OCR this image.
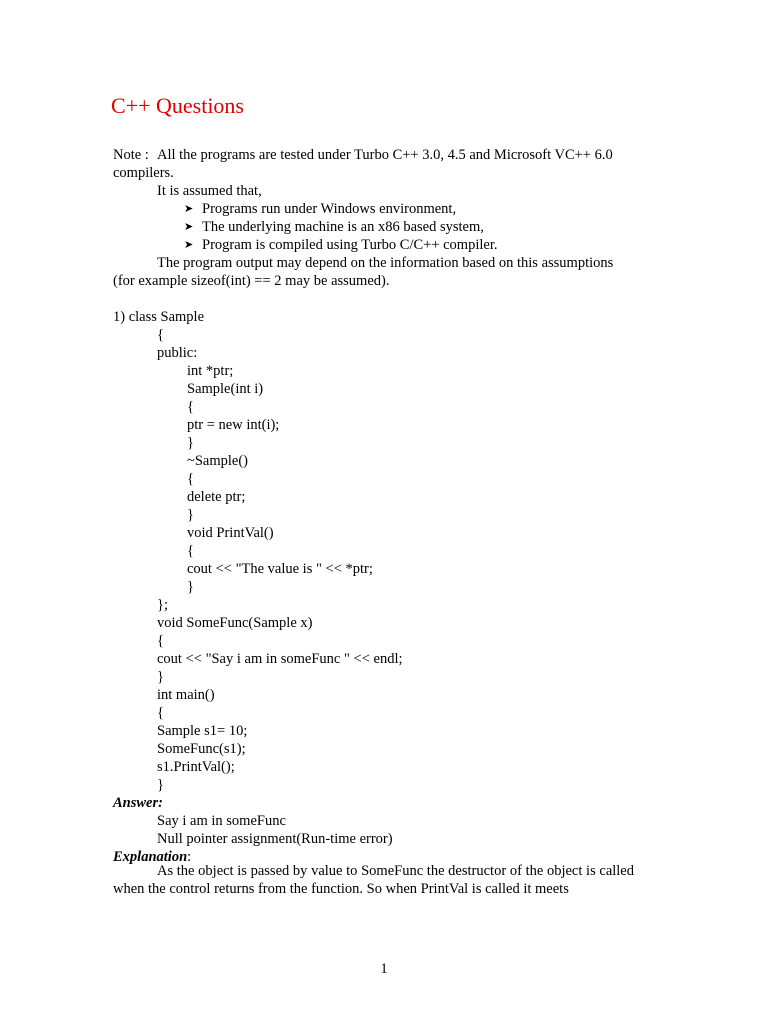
C++ Questions
Note : All the programs are tested under Turbo C++ 3.0, 4.5 and Microsoft VC++ 6.0
compilers.
It is assumed that,
➤ Programs run under Windows environment,
➤ The underlying machine is an x86 based system,
➤ Program is compiled using Turbo C/C++ compiler.
The program output may depend on the information based on this assumptions
(for example sizeof(int) == 2 may be assumed).
1) class Sample
{
public:
int *ptr;
Sample(int i)
{
ptr = new int(i);
}
~Sample()
{
delete ptr;
}
void PrintVal()
{
cout << "The value is " << *ptr;
}
};
void SomeFunc(Sample x)
{
cout << "Say i am in someFunc " << endl;
}
int main()
{
Sample s1= 10;
SomeFunc(s1);
s1.PrintVal();
}
Answer:
Say i am in someFunc
Null pointer assignment(Run-time error)
Explanation:

As the object is passed by value to SomeFunc the destructor of the object is called when the control returns from the function. So when PrintVal is called it meets

1
